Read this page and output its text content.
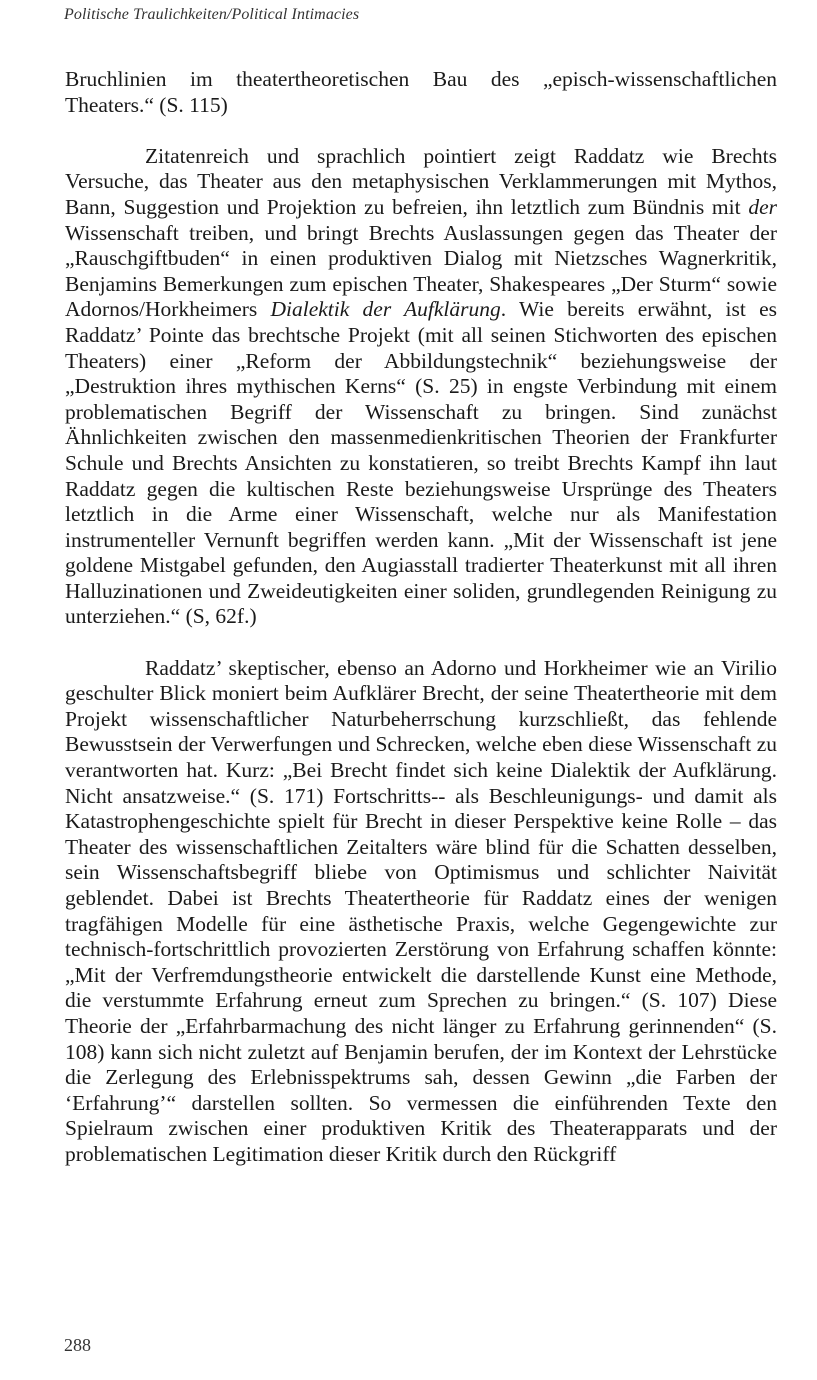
Politische Traulichkeiten/Political Intimacies

Bruchlinien im theatertheoretischen Bau des „episch-wissenschaftlichen Theaters.“ (S. 115)

Zitatenreich und sprachlich pointiert zeigt Raddatz wie Brechts Versuche, das Theater aus den metaphysischen Verklammerungen mit Mythos, Bann, Suggestion und Projektion zu befreien, ihn letztlich zum Bündnis mit der Wissenschaft treiben, und bringt Brechts Auslassungen gegen das Theater der „Rauschgiftbuden“ in einen produktiven Dialog mit Nietzsches Wagnerkritik, Benjamins Bemerkungen zum epischen Theater, Shakespeares „Der Sturm“ sowie Adornos/Horkheimers Dialektik der Aufklärung. Wie bereits erwähnt, ist es Raddatz’ Pointe das brechtsche Projekt (mit all seinen Stichworten des epischen Theaters) einer „Reform der Abbildungstechnik“ beziehungsweise der „Destruktion ihres mythischen Kerns“ (S. 25) in engste Verbindung mit einem problematischen Begriff der Wissenschaft zu bringen. Sind zunächst Ähnlichkeiten zwischen den massenmedienkritischen Theorien der Frankfurter Schule und Brechts Ansichten zu konstatieren, so treibt Brechts Kampf ihn laut Raddatz gegen die kultischen Reste beziehungsweise Ursprünge des Theaters letztlich in die Arme einer Wissenschaft, welche nur als Manifestation instrumenteller Vernunft begriffen werden kann. „Mit der Wissenschaft ist jene goldene Mistgabel gefunden, den Augiasstall tradierter Theaterkunst mit all ihren Halluzinationen und Zweideutigkeiten einer soliden, grundlegenden Reinigung zu unterziehen.“ (S, 62f.)

Raddatz’ skeptischer, ebenso an Adorno und Horkheimer wie an Virilio geschulter Blick moniert beim Aufklärer Brecht, der seine Theatertheorie mit dem Projekt wissenschaftlicher Naturbeherrschung kurzschließt, das fehlende Bewusstsein der Verwerfungen und Schrecken, welche eben diese Wissenschaft zu verantworten hat. Kurz: „Bei Brecht findet sich keine Dialektik der Aufklärung. Nicht ansatzweise.“ (S. 171) Fortschritts-- als Beschleunigungs- und damit als Katastrophengeschichte spielt für Brecht in dieser Perspektive keine Rolle – das Theater des wissenschaftlichen Zeitalters wäre blind für die Schatten desselben, sein Wissenschaftsbegriff bliebe von Optimismus und schlichter Naivität geblendet. Dabei ist Brechts Theatertheorie für Raddatz eines der wenigen tragfähigen Modelle für eine ästhetische Praxis, welche Gegengewichte zur technisch-fortschrittlich provozierten Zerstörung von Erfahrung schaffen könnte: „Mit der Verfremdungstheorie entwickelt die darstellende Kunst eine Methode, die verstummte Erfahrung erneut zum Sprechen zu bringen.“ (S. 107) Diese Theorie der „Erfahrbarmachung des nicht länger zu Erfahrung gerinnenden“ (S. 108) kann sich nicht zuletzt auf Benjamin berufen, der im Kontext der Lehrstücke die Zerlegung des Erlebnisspektrums sah, dessen Gewinn „die Farben der ‘Erfahrung’“ darstellen sollten. So vermessen die einführenden Texte den Spielraum zwischen einer produktiven Kritik des Theaterapparats und der problematischen Legitimation dieser Kritik durch den Rückgriff

288
